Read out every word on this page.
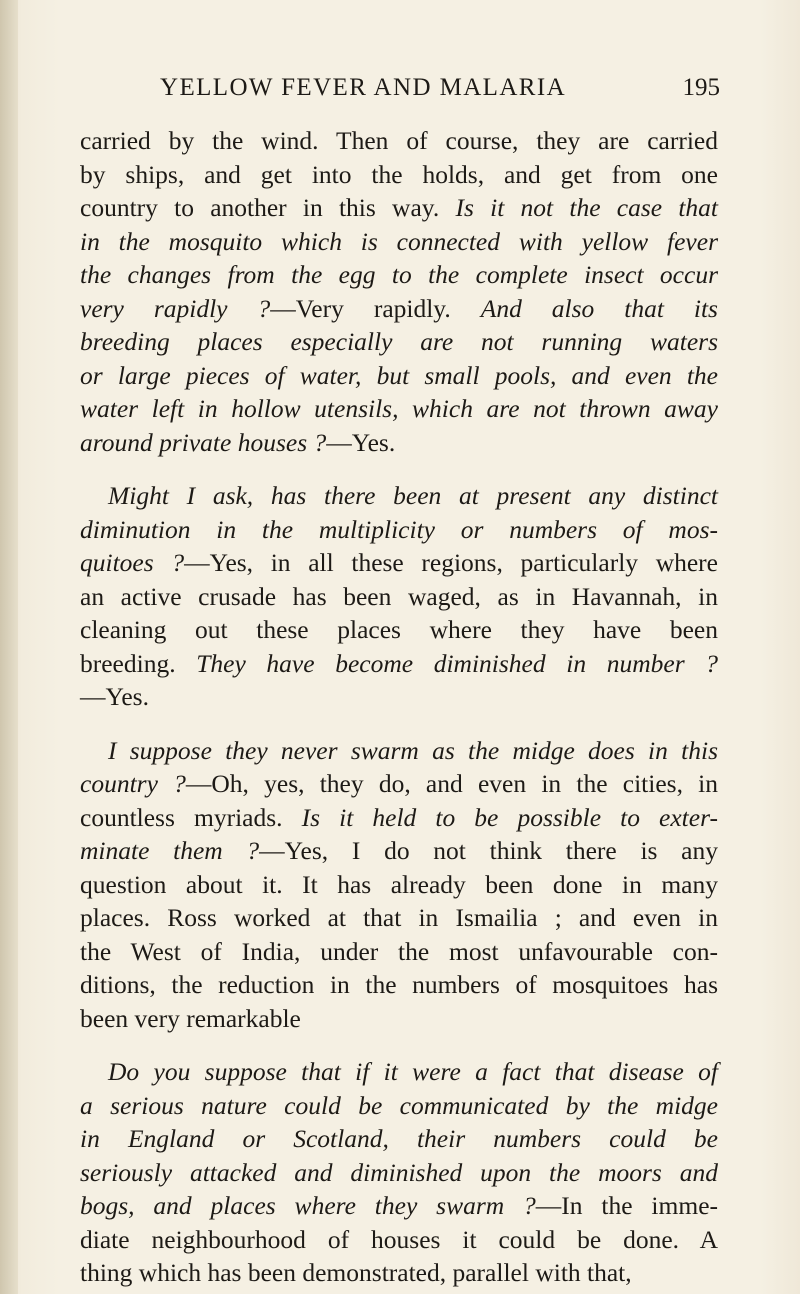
YELLOW FEVER AND MALARIA	195
carried by the wind. Then of course, they are carried
by ships, and get into the holds, and get from one
country to another in this way. Is it not the case that
in the mosquito which is connected with yellow fever
the changes from the egg to the complete insect occur
very rapidly ?—Very rapidly. And also that its
breeding places especially are not running waters
or large pieces of water, but small pools, and even the
water left in hollow utensils, which are not thrown away
around private houses ?—Yes.
Might I ask, has there been at present any distinct
diminution in the multiplicity or numbers of mos-
quitoes ?—Yes, in all these regions, particularly where
an active crusade has been waged, as in Havannah, in
cleaning out these places where they have been
breeding. They have become diminished in number ?
—Yes.
I suppose they never swarm as the midge does in this
country ?—Oh, yes, they do, and even in the cities, in
countless myriads. Is it held to be possible to exter-
minate them ?—Yes, I do not think there is any
question about it. It has already been done in many
places. Ross worked at that in Ismailia ; and even in
the West of India, under the most unfavourable con-
ditions, the reduction in the numbers of mosquitoes has
been very remarkable
Do you suppose that if it were a fact that disease of
a serious nature could be communicated by the midge
in England or Scotland, their numbers could be
seriously attacked and diminished upon the moors and
bogs, and places where they swarm ?—In the imme-
diate neighbourhood of houses it could be done. A
thing which has been demonstrated, parallel with that,
